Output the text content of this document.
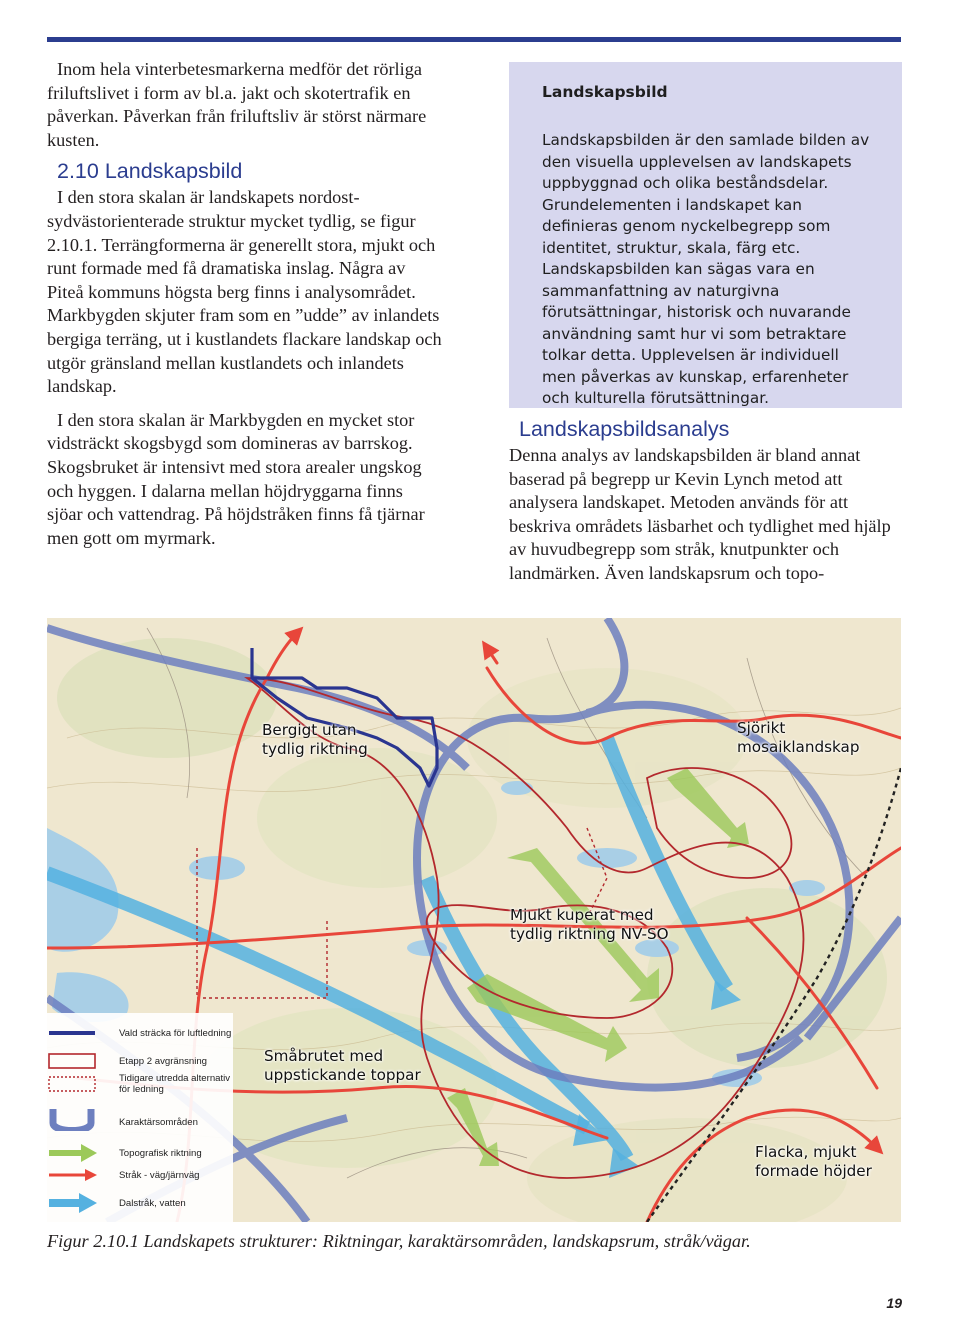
Inom hela vinterbetesmarkerna medför det rörliga friluftslivet i form av bl.a. jakt och skotertrafik en påverkan. Påverkan från friluftsliv är störst närmare kusten.

2.10 Landskapsbild

I den stora skalan är landskapets nordost-sydvästorienterade struktur mycket tydlig, se figur 2.10.1. Terrängformerna är generellt stora, mjukt och runt formade med få dramatiska inslag. Några av Piteå kommuns högsta berg finns i analysområdet. Markbygden skjuter fram som en ”udde” av inlandets bergiga terräng, ut i kustlandets flackare landskap och utgör gränsland mellan kustlandets och inlandets landskap.

I den stora skalan är Markbygden en mycket stor vidsträckt skogsbygd som domineras av barrskog. Skogsbruket är intensivt med stora arealer ungskog och hyggen. I dalarna mellan höjdryggarna finns sjöar och vattendrag. På höjdstråken finns få tjärnar men gott om myrmark.

Landskapsbild

Landskapsbilden är den samlade bilden av den visuella upplevelsen av landskapets uppbyggnad och olika beståndsdelar. Grundelementen i landskapet kan definieras genom nyckelbegrepp som identitet, struktur, skala, färg etc. Landskapsbilden kan sägas vara en sammanfattning av naturgivna förutsättningar, historisk och nuvarande användning samt hur vi som betraktare tolkar detta. Upplevelsen är individuell men påverkas av kunskap, erfarenheter och kulturella förutsättningar.

Landskapsbildsanalys

Denna analys av landskapsbilden är bland annat baserad på begrepp ur Kevin Lynch metod att analysera landskapet. Metoden används för att beskriva områdets läsbarhet och tydlighet med hjälp av huvudbegrepp som stråk, knutpunkter och landmärken. Även landskapsrum och topo-

Bergigt utan
tydlig riktning
Sjörikt
mosaiklandskap
Mjukt kuperat med
tydlig riktning NV-SO
Småbrutet med
uppstickande toppar
Flacka, mjukt
formade höjder
Vald sträcka för luftledning
Etapp 2 avgränsning
Tidigare utredda alternativ för ledning
Karaktärsområden
Topografisk riktning
Stråk - väg/järnväg
Dalstråk, vatten
Figur 2.10.1 Landskapets strukturer: Riktningar, karaktärsområden, landskapsrum, stråk/vägar.
19
